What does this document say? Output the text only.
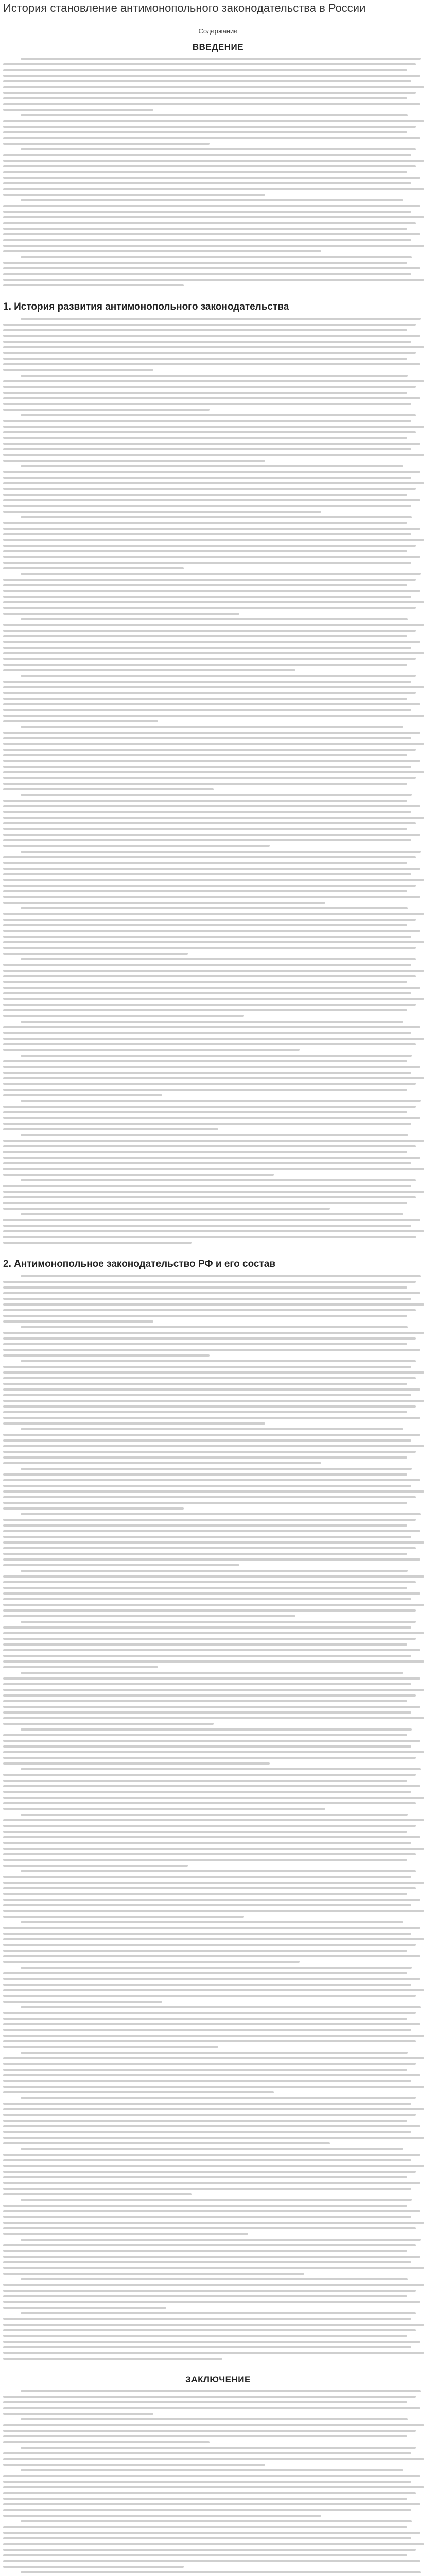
История становление антимонопольного законодательства в России
Содержание
ВВЕДЕНИЕ
1. История развития антимонопольного законодательства
2. Антимонопольное законодательство РФ и его состав
ЗАКЛЮЧЕНИЕ
